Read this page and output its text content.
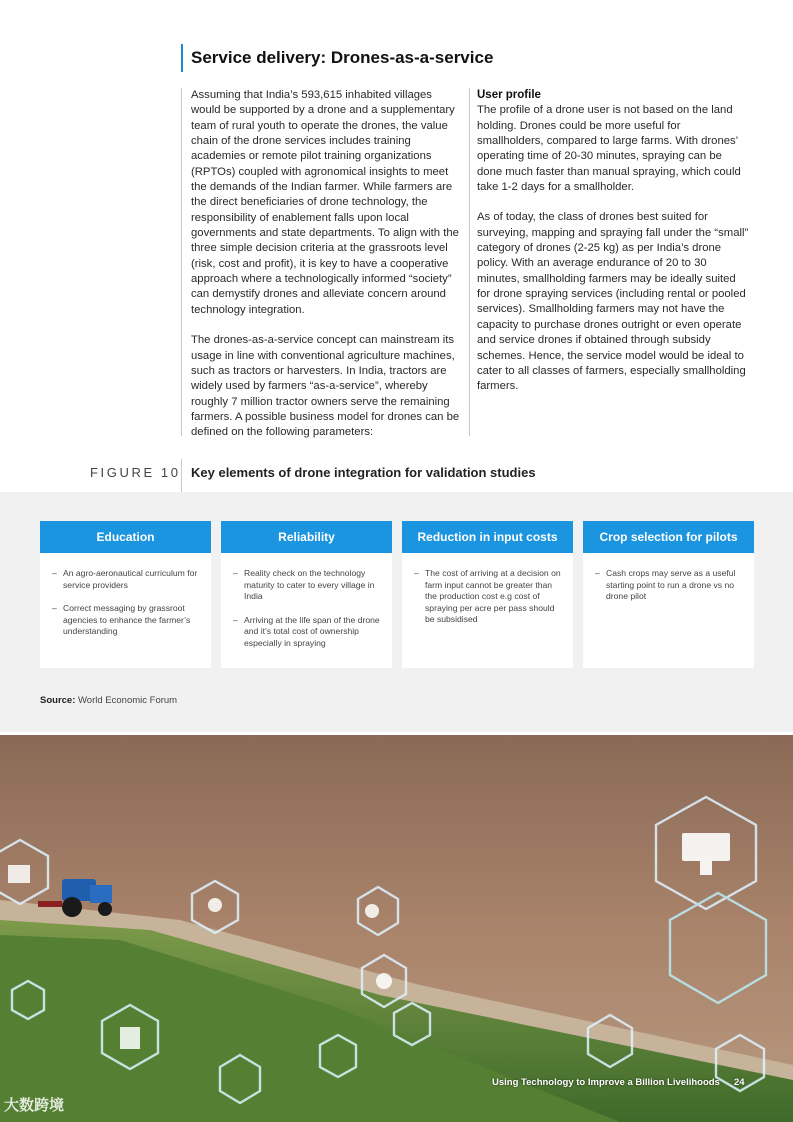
Service delivery: Drones-as-a-service

Assuming that India’s 593,615 inhabited villages would be supported by a drone and a supplementary team of rural youth to operate the drones, the value chain of the drone services includes training academies or remote pilot training organizations (RPTOs) coupled with agronomical insights to meet the demands of the Indian farmer. While farmers are the direct beneficiaries of drone technology, the responsibility of enablement falls upon local governments and state departments. To align with the three simple decision criteria at the grassroots level (risk, cost and profit), it is key to have a cooperative approach where a technologically informed “society” can demystify drones and alleviate concern around technology integration.

The drones-as-a-service concept can mainstream its usage in line with conventional agriculture machines, such as tractors or harvesters. In India, tractors are widely used by farmers “as-a-service”, whereby roughly 7 million tractor owners serve the remaining farmers. A possible business model for drones can be defined on the following parameters:

User profile

The profile of a drone user is not based on the land holding. Drones could be more useful for smallholders, compared to large farms. With drones’ operating time of 20-30 minutes, spraying can be done much faster than manual spraying, which could take 1-2 days for a smallholder.

As of today, the class of drones best suited for surveying, mapping and spraying fall under the “small” category of drones (2-25 kg) as per India’s drone policy. With an average endurance of 20 to 30 minutes, smallholding farmers may be ideally suited for drone spraying services (including rental or pooled services). Smallholding farmers may not have the capacity to purchase drones outright or even operate and service drones if obtained through subsidy schemes. Hence, the service model would be ideal to cater to all classes of farmers, especially smallholding farmers.

FIGURE 10 Key elements of drone integration for validation studies
Education
– An agro-aeronautical curriculum for service providers
– Correct messaging by grassroot agencies to enhance the farmer’s understanding
Reliability
– Reality check on the technology maturity to cater to every village in India
– Arriving at the life span of the drone and it’s total cost of ownership especially in spraying
Reduction in input costs
– The cost of arriving at a decision on farm input cannot be greater than the production cost e.g cost of spraying per acre per pass should be subsidised
Crop selection for pilots
– Cash crops may serve as a useful starting point to run a drone vs no drone pilot
Source: World Economic Forum
Using Technology to Improve a Billion Livelihoods 24
大数跨境
